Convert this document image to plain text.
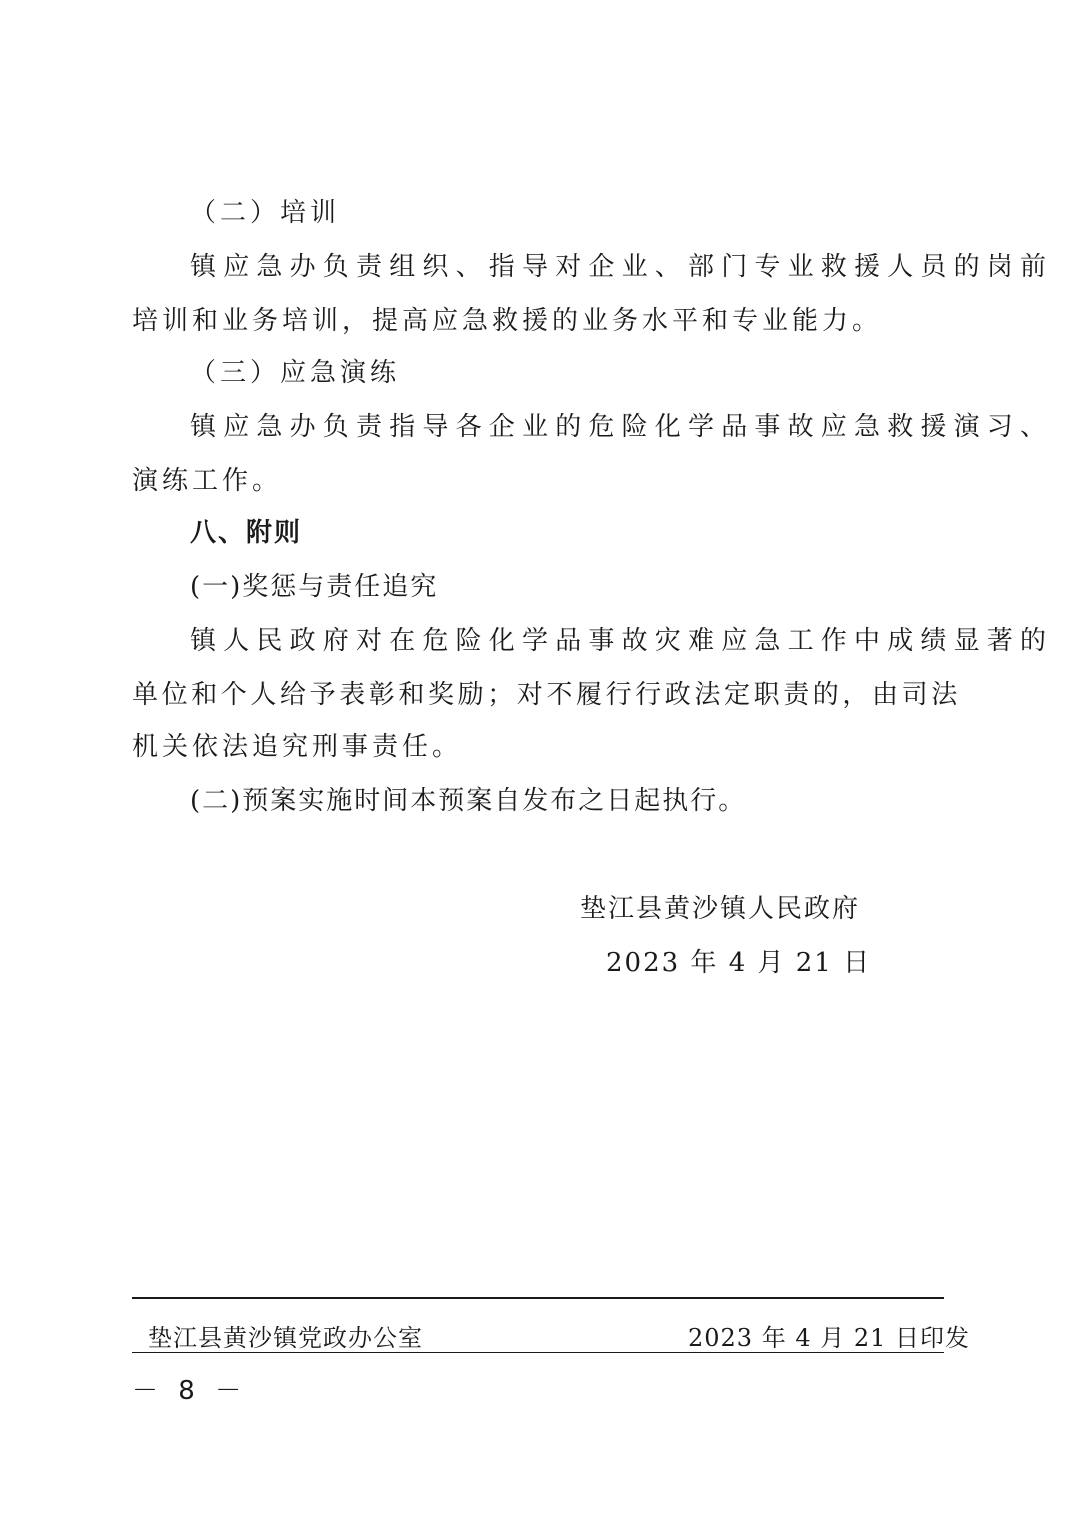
（二）培训
镇应急办负责组织、指导对企业、部门专业救援人员的岗前
培训和业务培训，提高应急救援的业务水平和专业能力。
（三）应急演练
镇应急办负责指导各企业的危险化学品事故应急救援演习、
演练工作。
八、附则
(一)奖惩与责任追究
镇人民政府对在危险化学品事故灾难应急工作中成绩显著的
单位和个人给予表彰和奖励；对不履行行政法定职责的，由司法
机关依法追究刑事责任。
(二)预案实施时间本预案自发布之日起执行。
垫江县黄沙镇人民政府
2023 年 4 月 21 日
垫江县黄沙镇党政办公室	2023 年 4 月 21 日印发
－ 8 －
